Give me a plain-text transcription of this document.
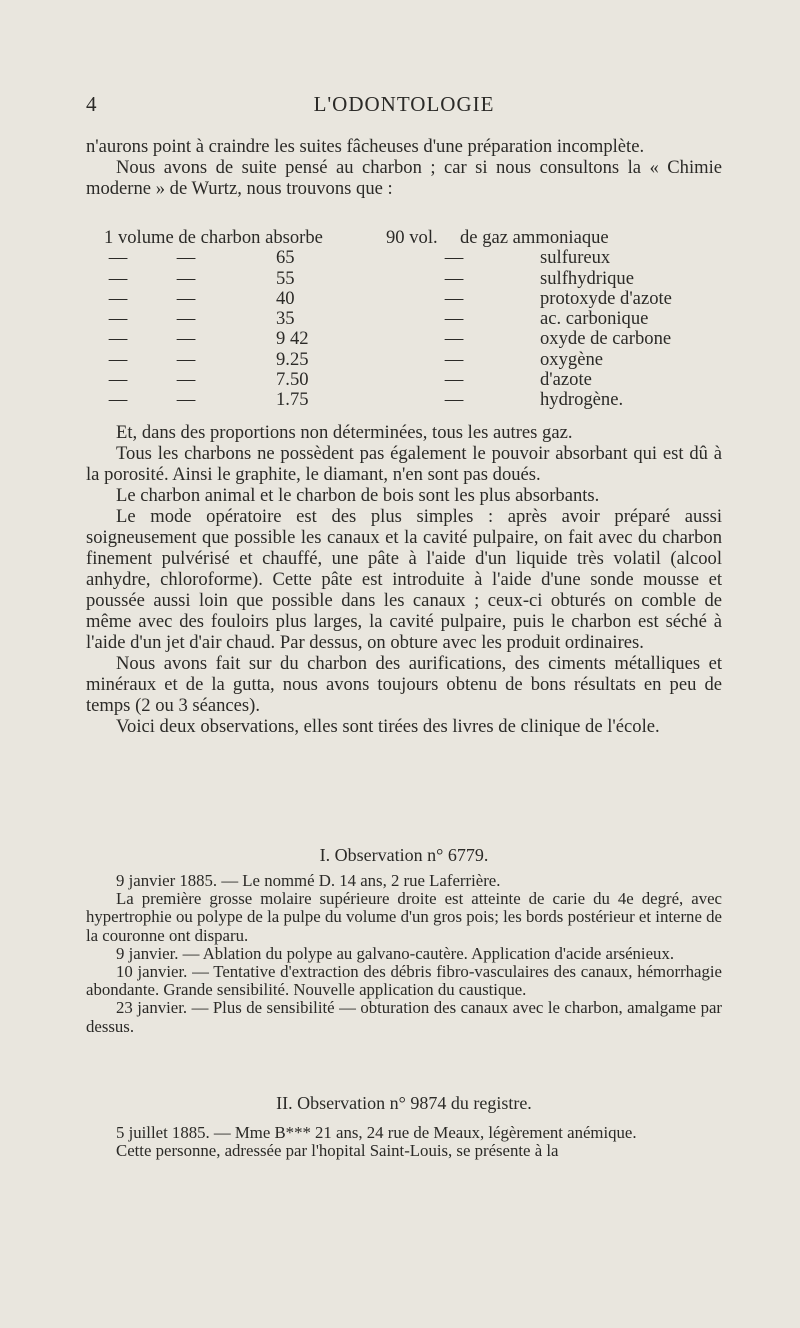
4	L'ODONTOLOGIE

n'aurons point à craindre les suites fâcheuses d'une préparation incomplète.

Nous avons de suite pensé au charbon ; car si nous consultons la « Chimie moderne » de Wurtz, nous trouvons que :

1 volume de charbon absorbe	90 vol. de gaz ammoniaque
—	—	65	—	sulfureux
—	—	55	—	sulfhydrique
—	—	40	—	protoxyde d'azote
—	—	35	—	ac. carbonique
—	—	9 42	—	oxyde de carbone
—	—	9.25	—	oxygène
—	—	7.50	—	d'azote
—	—	1.75	—	hydrogène.

Et, dans des proportions non déterminées, tous les autres gaz.

Tous les charbons ne possèdent pas également le pouvoir absorbant qui est dû à la porosité. Ainsi le graphite, le diamant, n'en sont pas doués.

Le charbon animal et le charbon de bois sont les plus absorbants.

Le mode opératoire est des plus simples : après avoir préparé aussi soigneusement que possible les canaux et la cavité pulpaire, on fait avec du charbon finement pulvérisé et chauffé, une pâte à l'aide d'un liquide très volatil (alcool anhydre, chloroforme). Cette pâte est introduite à l'aide d'une sonde mousse et poussée aussi loin que possible dans les canaux ; ceux-ci obturés on comble de même avec des fouloirs plus larges, la cavité pulpaire, puis le charbon est séché à l'aide d'un jet d'air chaud. Par dessus, on obture avec les produit ordinaires.

Nous avons fait sur du charbon des aurifications, des ciments métalliques et minéraux et de la gutta, nous avons toujours obtenu de bons résultats en peu de temps (2 ou 3 séances).

Voici deux observations, elles sont tirées des livres de clinique de l'école.

I. Observation n° 6779.

9 janvier 1885. — Le nommé D. 14 ans, 2 rue Laferrière.

La première grosse molaire supérieure droite est atteinte de carie du 4e degré, avec hypertrophie ou polype de la pulpe du volume d'un gros pois; les bords postérieur et interne de la couronne ont disparu.

9 janvier. — Ablation du polype au galvano-cautère. Application d'acide arsénieux.

10 janvier. — Tentative d'extraction des débris fibro-vasculaires des canaux, hémorrhagie abondante. Grande sensibilité. Nouvelle application du caustique.

23 janvier. — Plus de sensibilité — obturation des canaux avec le charbon, amalgame par dessus.

II. Observation n° 9874 du registre.

5 juillet 1885. — Mme B*** 21 ans, 24 rue de Meaux, légèrement anémique.

Cette personne, adressée par l'hopital Saint-Louis, se présente à la
